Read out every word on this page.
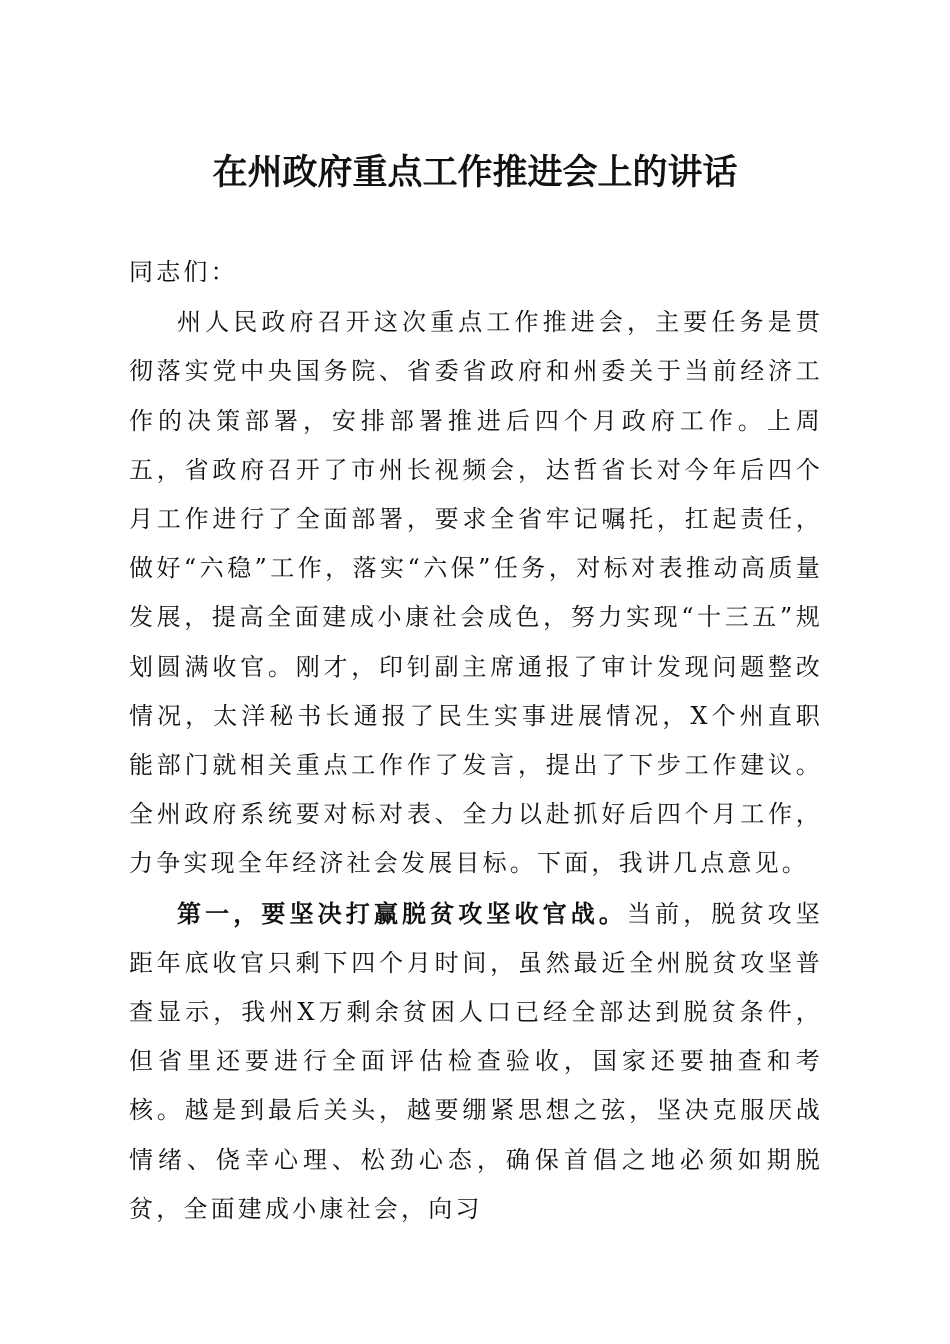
在州政府重点工作推进会上的讲话

同志们：

州人民政府召开这次重点工作推进会，主要任务是贯彻落实党中央国务院、省委省政府和州委关于当前经济工作的决策部署，安排部署推进后四个月政府工作。上周五，省政府召开了市州长视频会，达哲省长对今年后四个月工作进行了全面部署，要求全省牢记嘱托，扛起责任，做好“六稳”工作，落实“六保”任务，对标对表推动高质量发展，提高全面建成小康社会成色，努力实现“十三五”规划圆满收官。刚才，印钊副主席通报了审计发现问题整改情况，太洋秘书长通报了民生实事进展情况，X个州直职能部门就相关重点工作作了发言，提出了下步工作建议。全州政府系统要对标对表、全力以赴抓好后四个月工作，力争实现全年经济社会发展目标。下面，我讲几点意见。

第一，要坚决打赢脱贫攻坚收官战。当前，脱贫攻坚距年底收官只剩下四个月时间，虽然最近全州脱贫攻坚普查显示，我州X万剩余贫困人口已经全部达到脱贫条件，但省里还要进行全面评估检查验收，国家还要抽查和考核。越是到最后关头，越要绷紧思想之弦，坚决克服厌战情绪、侥幸心理、松劲心态，确保首倡之地必须如期脱贫，全面建成小康社会，向习
